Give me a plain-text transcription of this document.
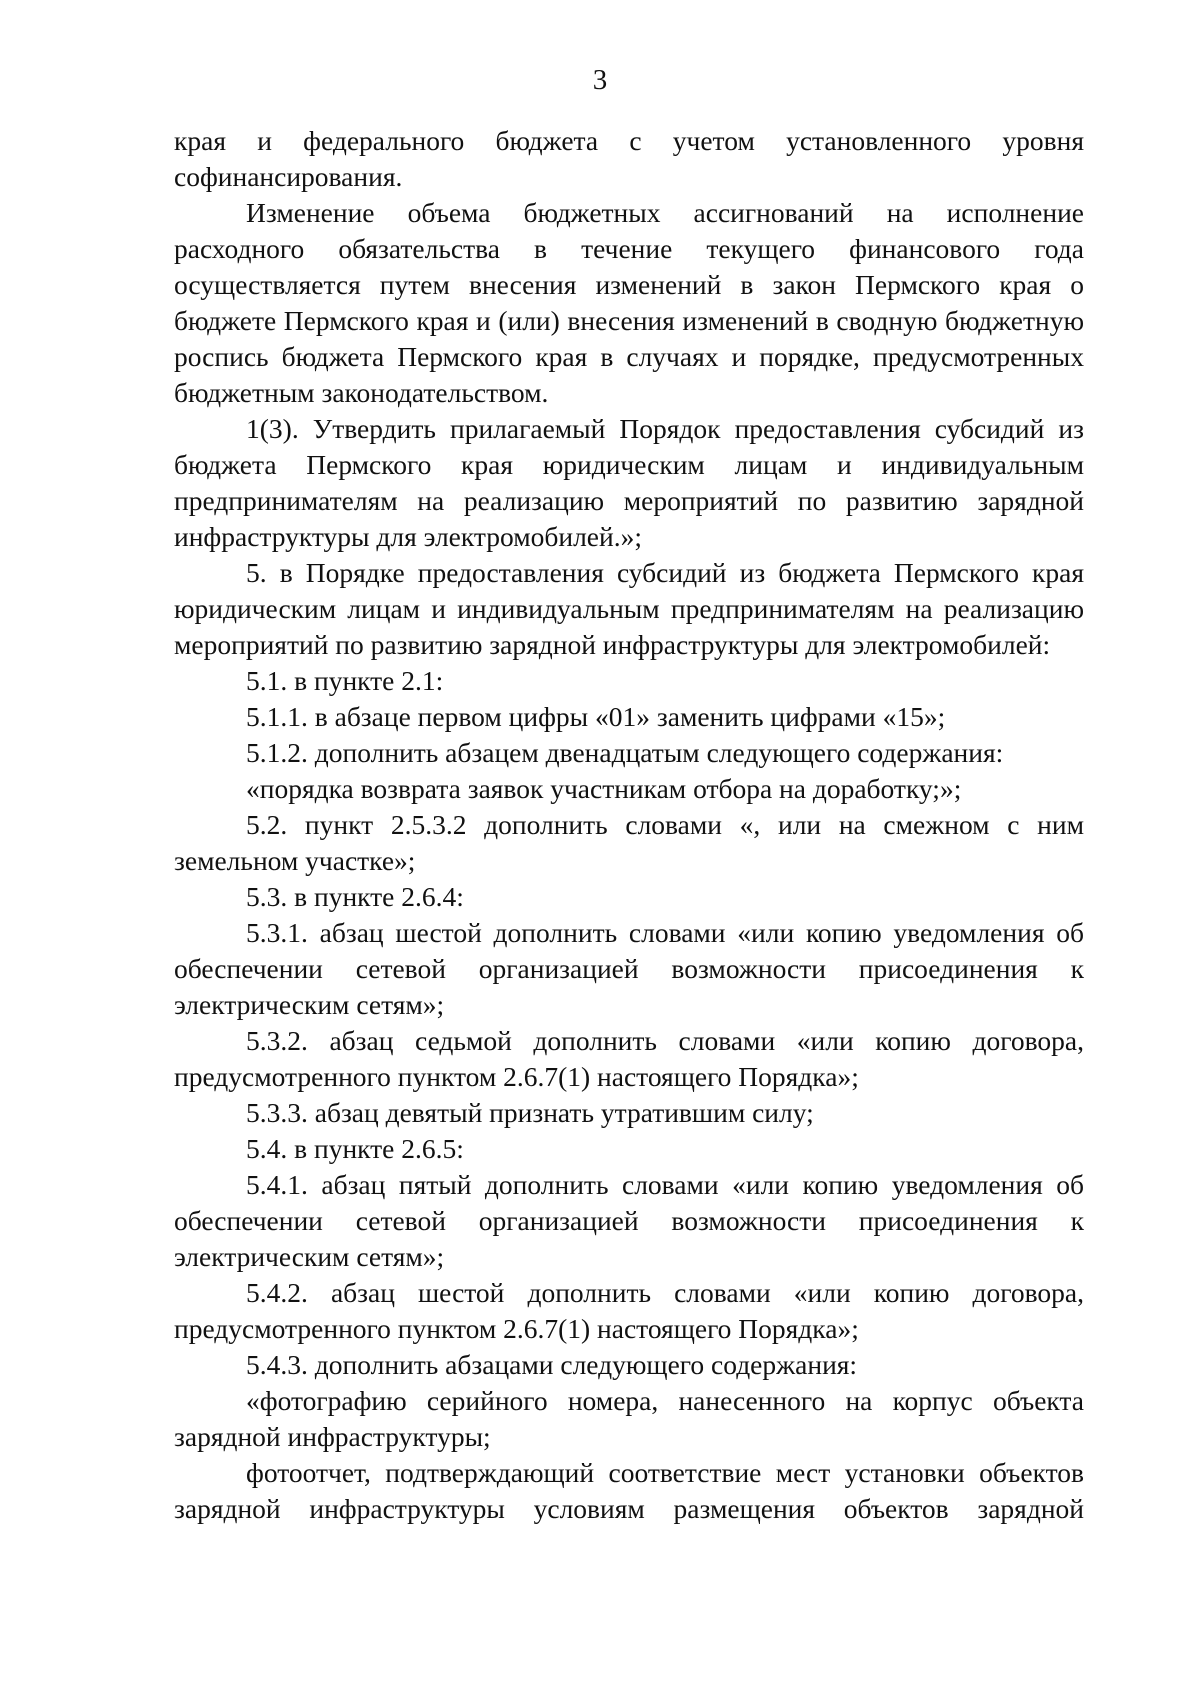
3

края и федерального бюджета с учетом установленного уровня софинансирования.

Изменение объема бюджетных ассигнований на исполнение расходного обязательства в течение текущего финансового года осуществляется путем внесения изменений в закон Пермского края о бюджете Пермского края и (или) внесения изменений в сводную бюджетную роспись бюджета Пермского края в случаях и порядке, предусмотренных бюджетным законодательством.

1(3). Утвердить прилагаемый Порядок предоставления субсидий из бюджета Пермского края юридическим лицам и индивидуальным предпринимателям на реализацию мероприятий по развитию зарядной инфраструктуры для электромобилей.»;

5. в Порядке предоставления субсидий из бюджета Пермского края юридическим лицам и индивидуальным предпринимателям на реализацию мероприятий по развитию зарядной инфраструктуры для электромобилей:

5.1. в пункте 2.1:

5.1.1. в абзаце первом цифры «01» заменить цифрами «15»;

5.1.2. дополнить абзацем двенадцатым следующего содержания:

«порядка возврата заявок участникам отбора на доработку;»;

5.2. пункт 2.5.3.2 дополнить словами «, или на смежном с ним земельном участке»;

5.3. в пункте 2.6.4:

5.3.1. абзац шестой дополнить словами «или копию уведомления об обеспечении сетевой организацией возможности присоединения к электрическим сетям»;

5.3.2. абзац седьмой дополнить словами «или копию договора, предусмотренного пунктом 2.6.7(1) настоящего Порядка»;

5.3.3. абзац девятый признать утратившим силу;

5.4. в пункте 2.6.5:

5.4.1. абзац пятый дополнить словами «или копию уведомления об обеспечении сетевой организацией возможности присоединения к электрическим сетям»;

5.4.2. абзац шестой дополнить словами «или копию договора, предусмотренного пунктом 2.6.7(1) настоящего Порядка»;

5.4.3. дополнить абзацами следующего содержания:

«фотографию серийного номера, нанесенного на корпус объекта зарядной инфраструктуры;

фотоотчет, подтверждающий соответствие мест установки объектов зарядной инфраструктуры условиям размещения объектов зарядной
